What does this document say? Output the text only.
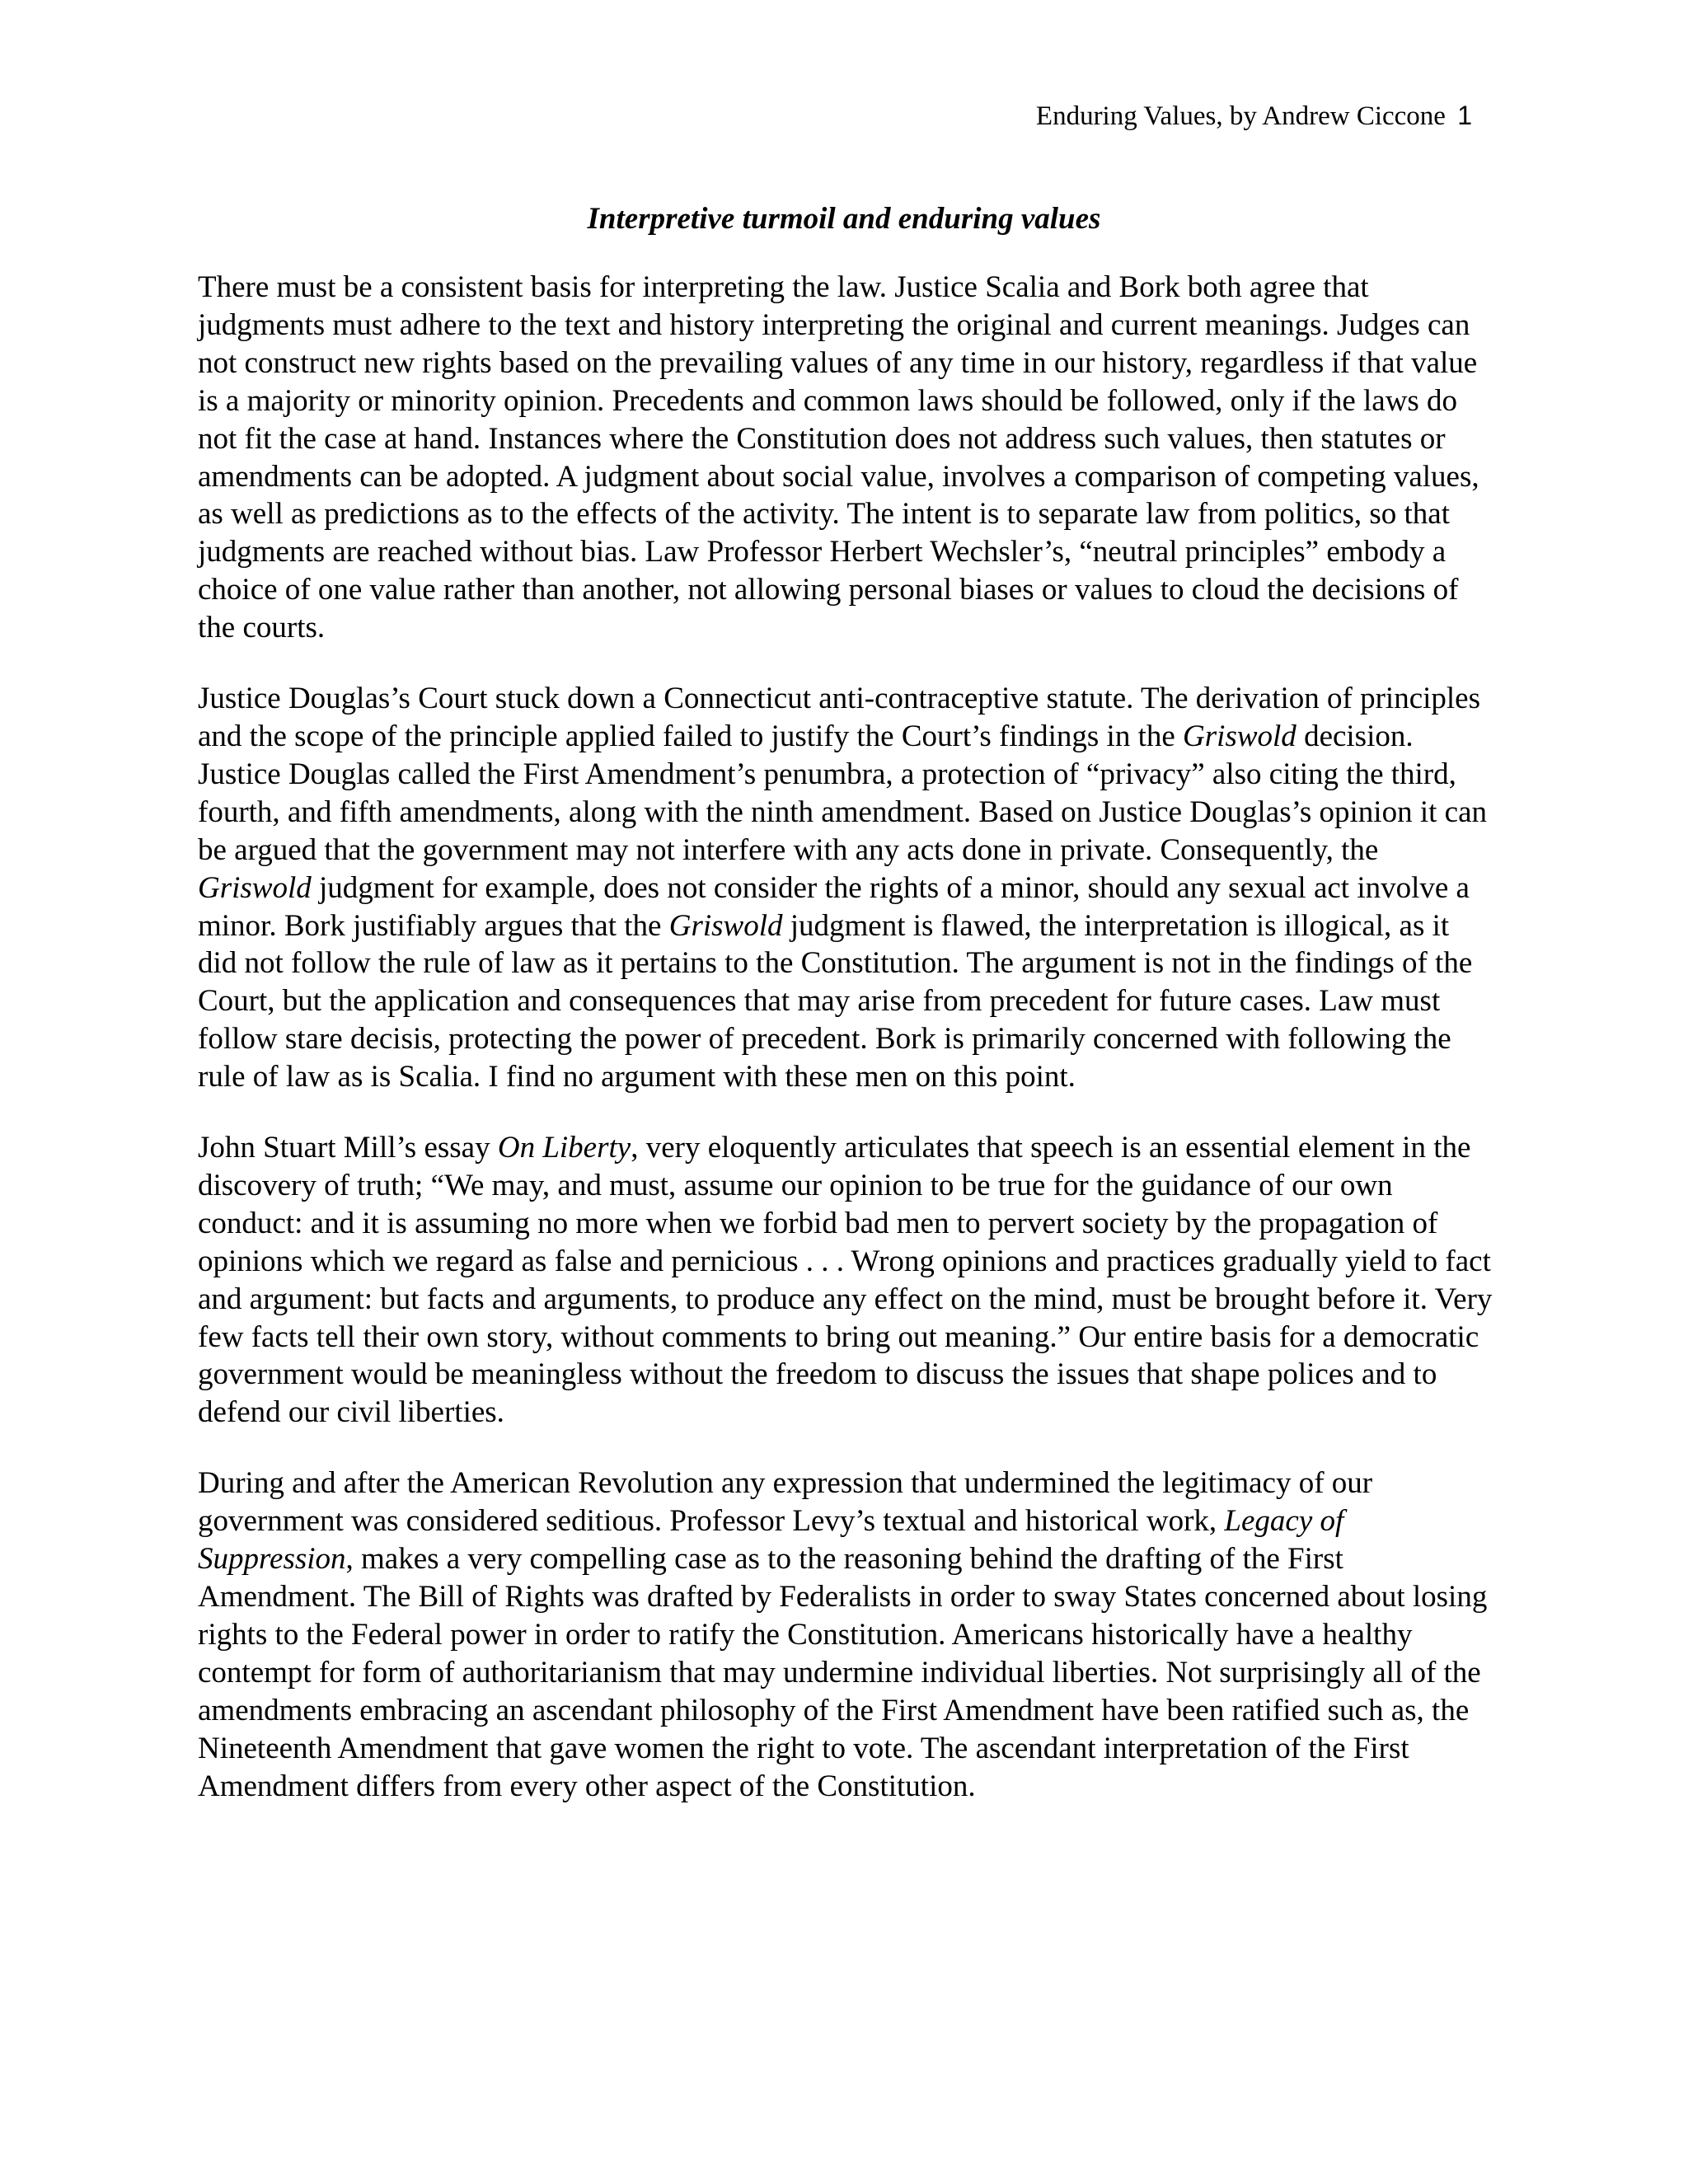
Enduring Values, by Andrew Ciccone 1
Interpretive turmoil and enduring values

There must be a consistent basis for interpreting the law. Justice Scalia and Bork both agree that judgments must adhere to the text and history interpreting the original and current meanings. Judges can not construct new rights based on the prevailing values of any time in our history, regardless if that value is a majority or minority opinion. Precedents and common laws should be followed, only if the laws do not fit the case at hand. Instances where the Constitution does not address such values, then statutes or amendments can be adopted. A judgment about social value, involves a comparison of competing values, as well as predictions as to the effects of the activity. The intent is to separate law from politics, so that judgments are reached without bias. Law Professor Herbert Wechsler’s, “neutral principles” embody a choice of one value rather than another, not allowing personal biases or values to cloud the decisions of the courts.

Justice Douglas’s Court stuck down a Connecticut anti-contraceptive statute. The derivation of principles and the scope of the principle applied failed to justify the Court’s findings in the Griswold decision. Justice Douglas called the First Amendment’s penumbra, a protection of “privacy” also citing the third, fourth, and fifth amendments, along with the ninth amendment. Based on Justice Douglas’s opinion it can be argued that the government may not interfere with any acts done in private. Consequently, the Griswold judgment for example, does not consider the rights of a minor, should any sexual act involve a minor. Bork justifiably argues that the Griswold judgment is flawed, the interpretation is illogical, as it did not follow the rule of law as it pertains to the Constitution. The argument is not in the findings of the Court, but the application and consequences that may arise from precedent for future cases. Law must follow stare decisis, protecting the power of precedent. Bork is primarily concerned with following the rule of law as is Scalia. I find no argument with these men on this point.

John Stuart Mill’s essay On Liberty, very eloquently articulates that speech is an essential element in the discovery of truth; “We may, and must, assume our opinion to be true for the guidance of our own conduct: and it is assuming no more when we forbid bad men to pervert society by the propagation of opinions which we regard as false and pernicious . . . Wrong opinions and practices gradually yield to fact and argument: but facts and arguments, to produce any effect on the mind, must be brought before it. Very few facts tell their own story, without comments to bring out meaning.” Our entire basis for a democratic government would be meaningless without the freedom to discuss the issues that shape polices and to defend our civil liberties.

During and after the American Revolution any expression that undermined the legitimacy of our government was considered seditious. Professor Levy’s textual and historical work, Legacy of Suppression, makes a very compelling case as to the reasoning behind the drafting of the First Amendment. The Bill of Rights was drafted by Federalists in order to sway States concerned about losing rights to the Federal power in order to ratify the Constitution. Americans historically have a healthy contempt for form of authoritarianism that may undermine individual liberties. Not surprisingly all of the amendments embracing an ascendant philosophy of the First Amendment have been ratified such as, the Nineteenth Amendment that gave women the right to vote. The ascendant interpretation of the First Amendment differs from every other aspect of the Constitution.
